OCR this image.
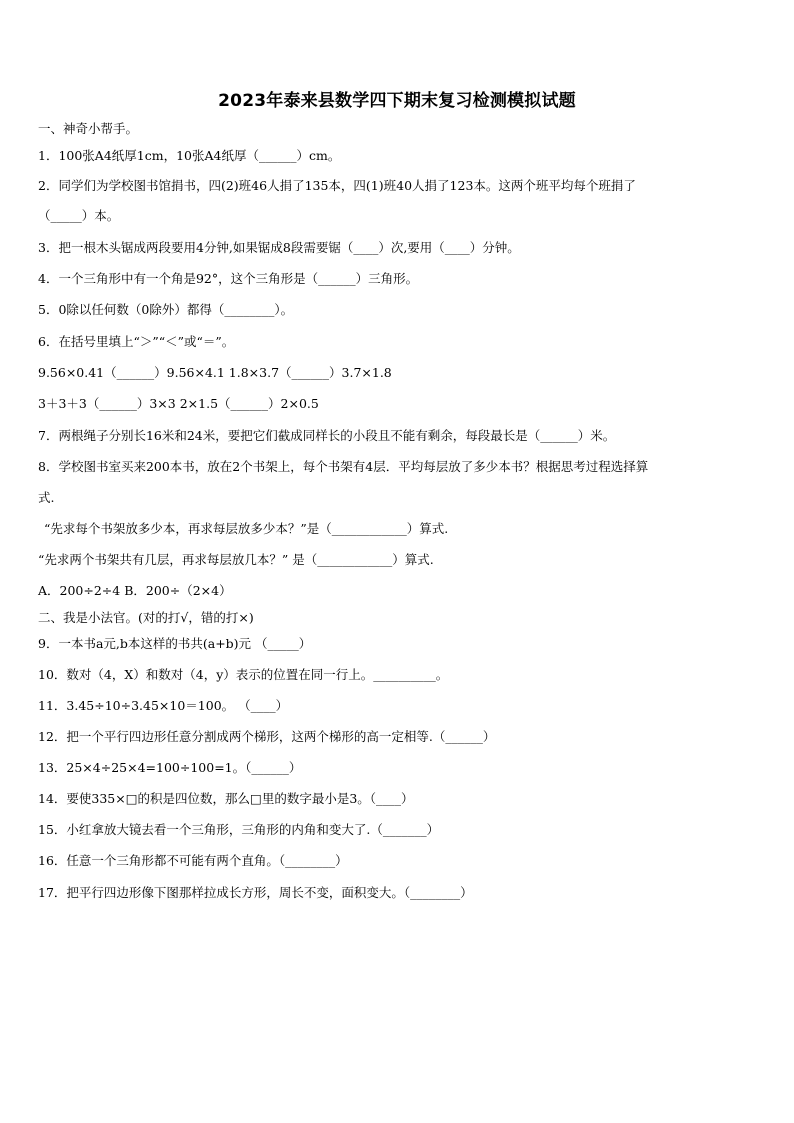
2023年泰来县数学四下期末复习检测模拟试题
一、神奇小帮手。
1．100张A4纸厚1cm，10张A4纸厚（______）cm。
2．同学们为学校图书馆捐书，四(2)班46人捐了135本，四(1)班40人捐了123本。这两个班平均每个班捐了
（_____）本。
3．把一根木头锯成两段要用4分钟,如果锯成8段需要锯（____）次,要用（____）分钟。
4．一个三角形中有一个角是92°，这个三角形是（______）三角形。
5．0除以任何数（0除外）都得（________）。
6．在括号里填上“＞”“＜”或“＝”。
9.56×0.41（______）9.56×4.1 1.8×3.7（______）3.7×1.8
3＋3＋3（______）3×3 2×1.5（______）2×0.5
7．两根绳子分别长16米和24米，要把它们截成同样长的小段且不能有剩余，每段最长是（______）米。
8．学校图书室买来200本书，放在2个书架上，每个书架有4层．平均每层放了多少本书？根据思考过程选择算
式.
“先求每个书架放多少本，再求每层放多少本？”是（____________）算式.
“先求两个书架共有几层，再求每层放几本？” 是（____________）算式.
A．200÷2÷4 B．200÷（2×4）
二、我是小法官。(对的打√，错的打×)
9．一本书a元,b本这样的书共(a+b)元 （_____）
10．数对（4，X）和数对（4，y）表示的位置在同一行上。__________。
11．3.45÷10÷3.45×10＝100。 （____）
12．把一个平行四边形任意分割成两个梯形，这两个梯形的高一定相等.（______）
13．25×4÷25×4=100÷100=1。（______）
14．要使335×□的积是四位数，那么□里的数字最小是3。（____）
15．小红拿放大镜去看一个三角形，三角形的内角和变大了.（_______）
16．任意一个三角形都不可能有两个直角。（________）
17．把平行四边形像下图那样拉成长方形，周长不变，面积变大。（________）
